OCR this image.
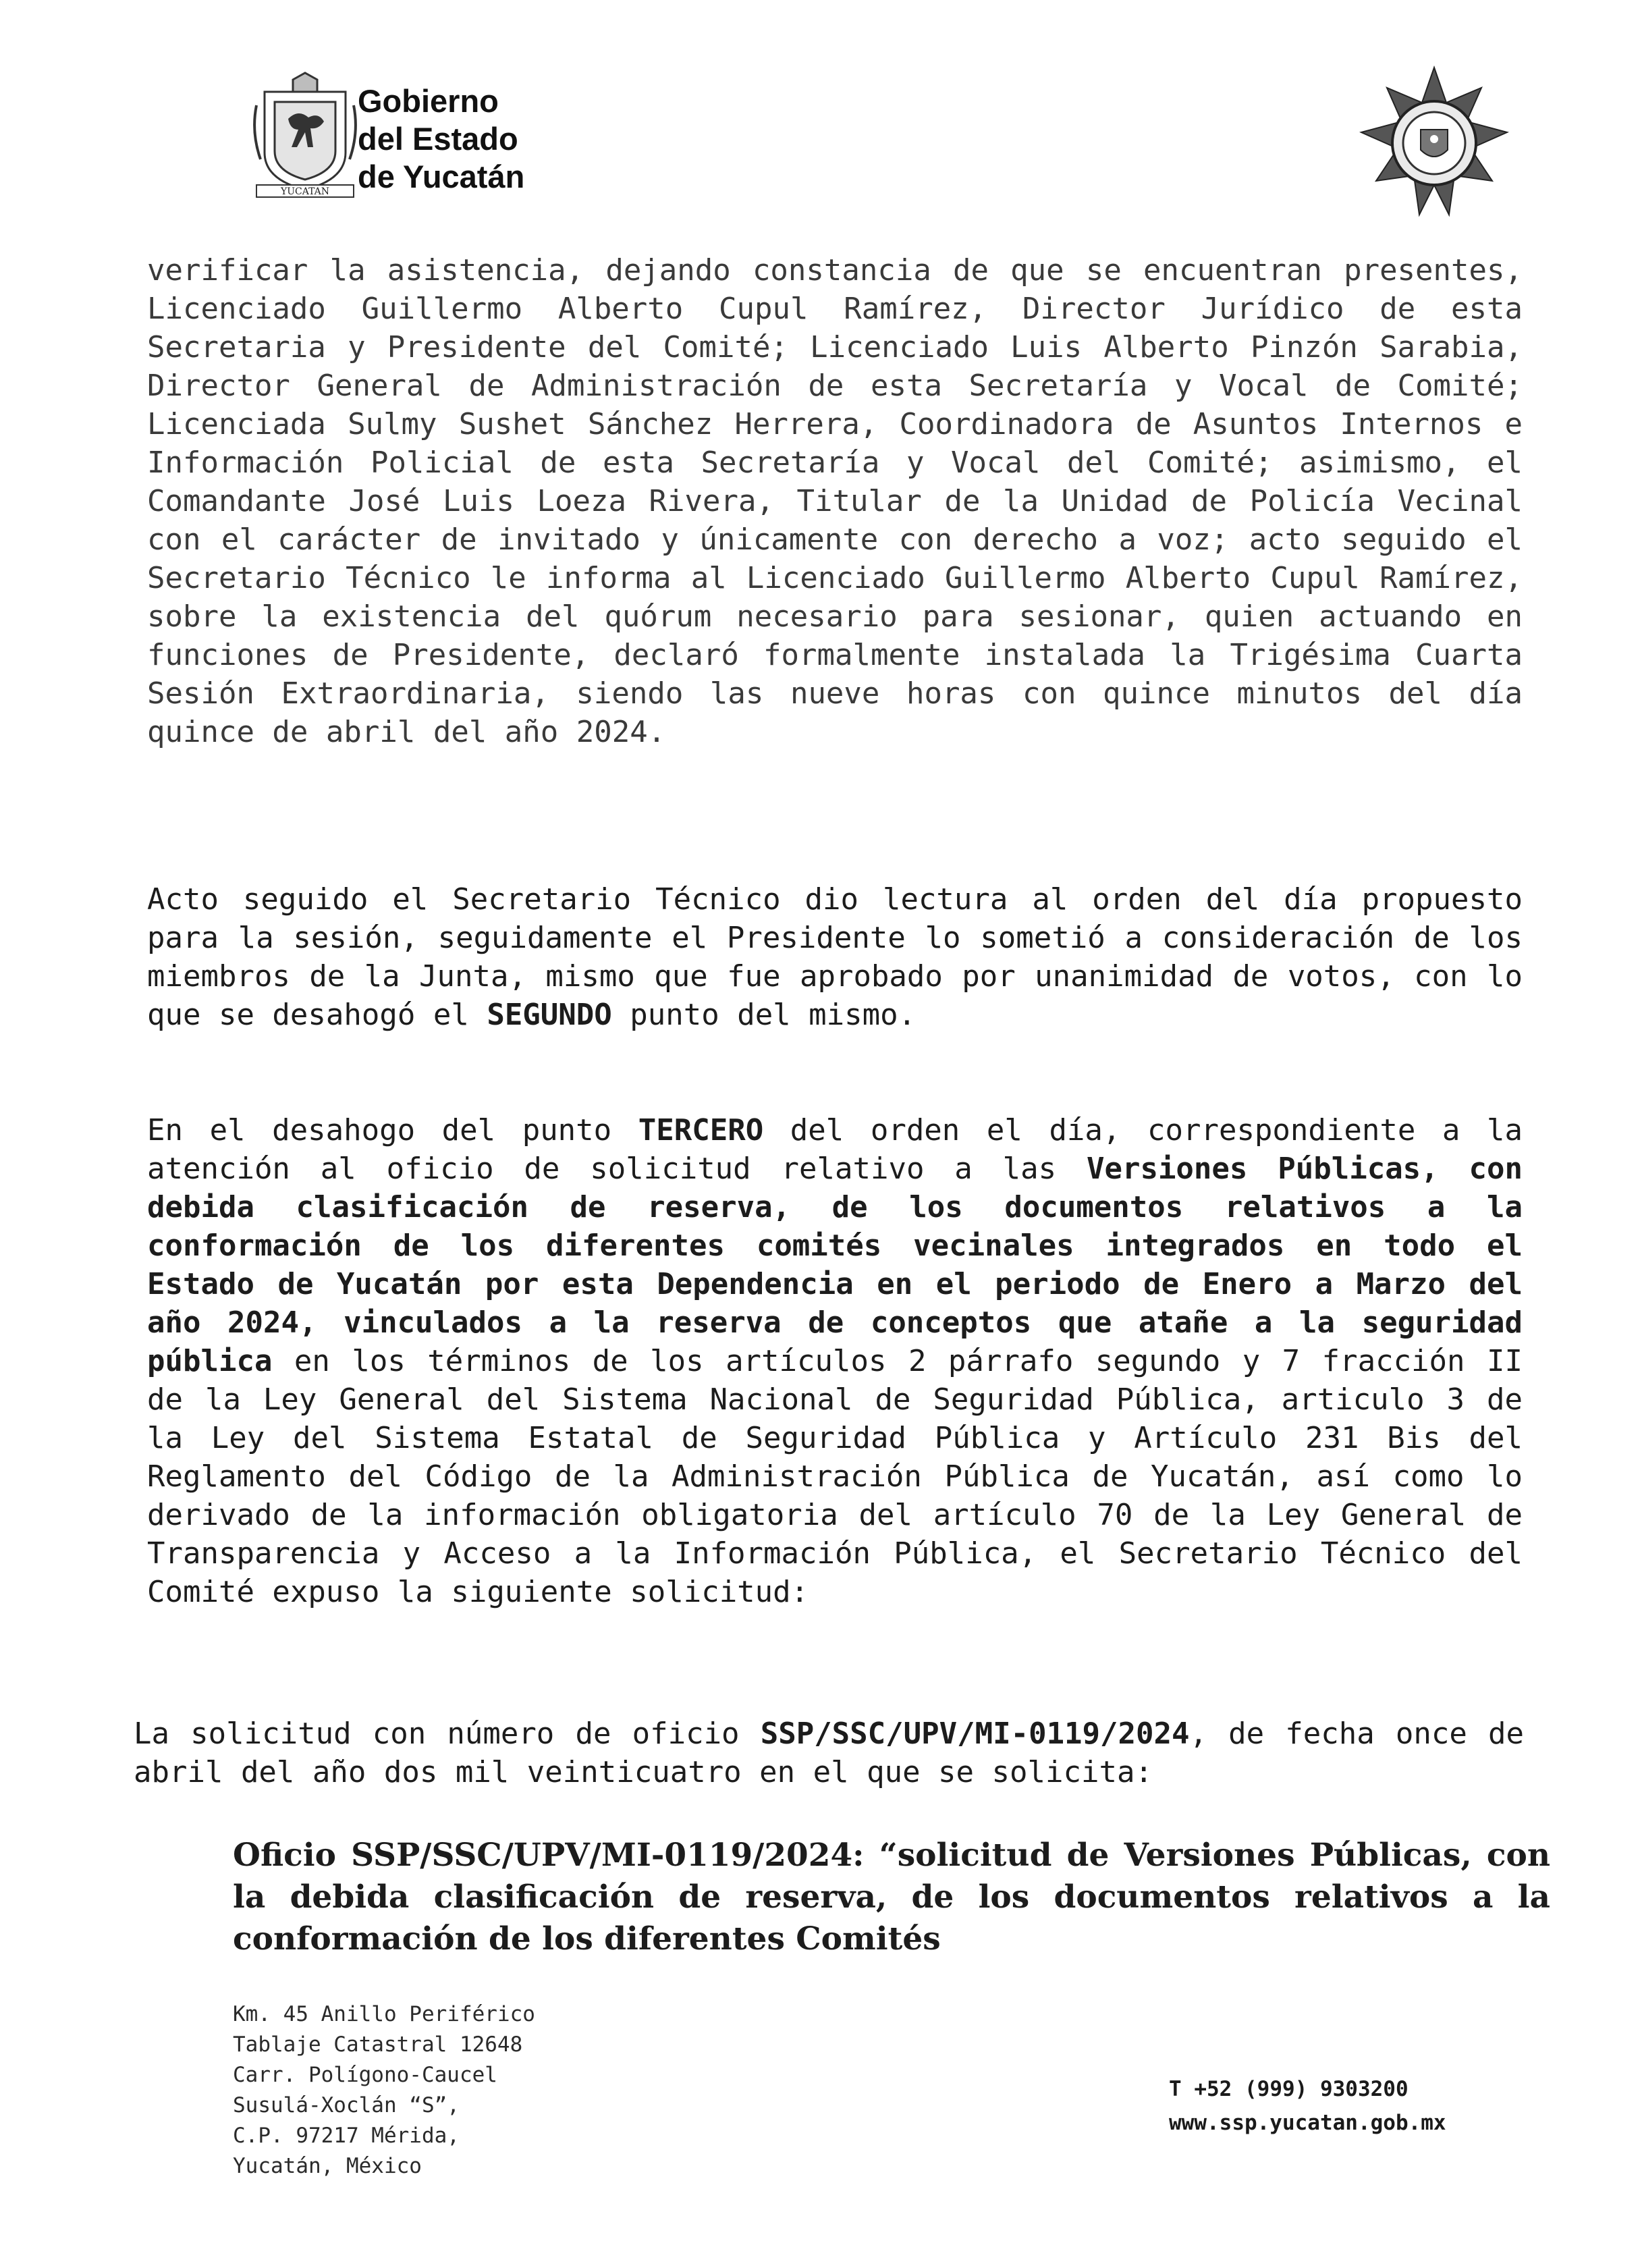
YUCATAN
Gobierno
del Estado
de Yucatán
verificar la asistencia, dejando constancia de que se encuentran presentes, Licenciado Guillermo Alberto Cupul Ramírez, Director Jurídico de esta Secretaria y Presidente del Comité; Licenciado Luis Alberto Pinzón Sarabia, Director General de Administración de esta Secretaría y Vocal de Comité; Licenciada Sulmy Sushet Sánchez Herrera, Coordinadora de Asuntos Internos e Información Policial de esta Secretaría y Vocal del Comité; asimismo, el Comandante José Luis Loeza Rivera, Titular de la Unidad de Policía Vecinal con el carácter de invitado y únicamente con derecho a voz; acto seguido el Secretario Técnico le informa al Licenciado Guillermo Alberto Cupul Ramírez, sobre la existencia del quórum necesario para sesionar, quien actuando en funciones de Presidente, declaró formalmente instalada la Trigésima Cuarta Sesión Extraordinaria, siendo las nueve horas con quince minutos del día quince de abril del año 2024.
Acto seguido el Secretario Técnico dio lectura al orden del día propuesto para la sesión, seguidamente el Presidente lo sometió a consideración de los miembros de la Junta, mismo que fue aprobado por unanimidad de votos, con lo que se desahogó el SEGUNDO punto del mismo.
En el desahogo del punto TERCERO del orden el día, correspondiente a la atención al oficio de solicitud relativo a las Versiones Públicas, con debida clasificación de reserva, de los documentos relativos a la conformación de los diferentes comités vecinales integrados en todo el Estado de Yucatán por esta Dependencia en el periodo de Enero a Marzo del año 2024, vinculados a la reserva de conceptos que atañe a la seguridad pública en los términos de los artículos 2 párrafo segundo y 7 fracción II de la Ley General del Sistema Nacional de Seguridad Pública, articulo 3 de la Ley del Sistema Estatal de Seguridad Pública y Artículo 231 Bis del Reglamento del Código de la Administración Pública de Yucatán, así como lo derivado de la información obligatoria del artículo 70 de la Ley General de Transparencia y Acceso a la Información Pública, el Secretario Técnico del Comité expuso la siguiente solicitud:
La solicitud con número de oficio SSP/SSC/UPV/MI-0119/2024, de fecha once de abril del año dos mil veinticuatro en el que se solicita:
Oficio SSP/SSC/UPV/MI-0119/2024: “solicitud de Versiones Públicas, con la debida clasificación de reserva, de los documentos relativos a la conformación de los diferentes Comités
Km. 45 Anillo Periférico
Tablaje Catastral 12648
Carr. Polígono-Caucel
Susulá-Xoclán “S”,
C.P. 97217 Mérida,
Yucatán, México
T +52 (999) 9303200
www.ssp.yucatan.gob.mx
